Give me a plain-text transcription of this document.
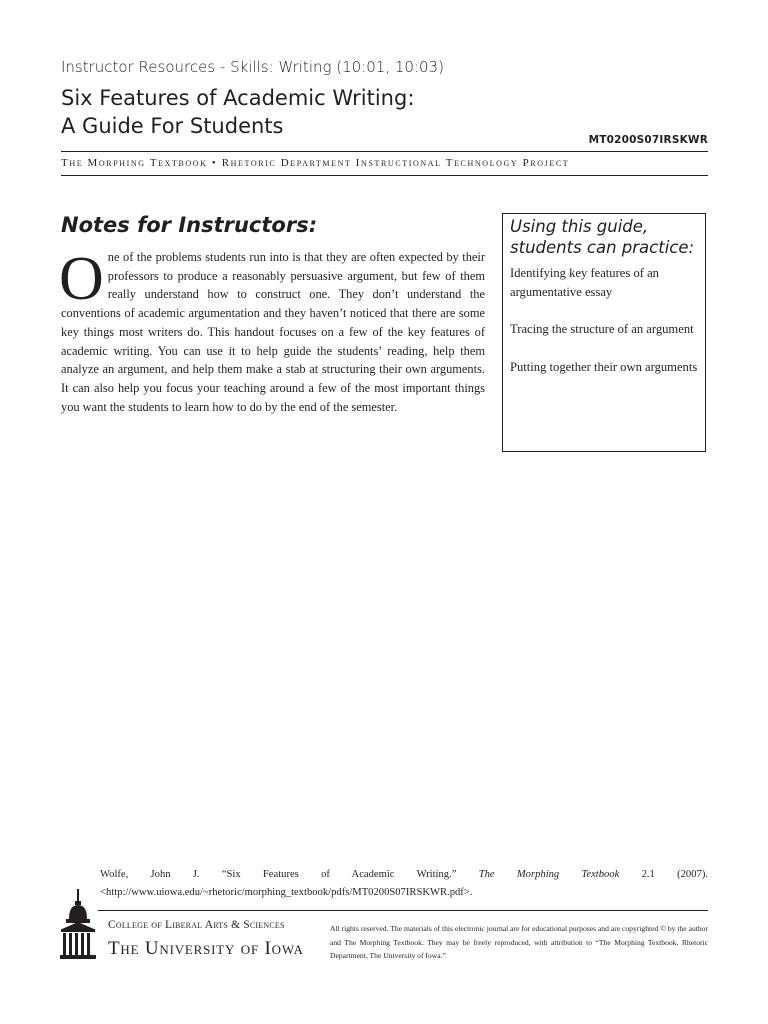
Instructor Resources - Skills: Writing (10:01, 10:03)
Six Features of Academic Writing:
A Guide For Students
MT0200S07IRSKWR
The Morphing Textbook • Rhetoric Department Instructional Technology Project
Notes for Instructors:
O ne of the problems students run into is that they are often expected by their professors to produce a reasonably persuasive argument, but few of them really understand how to construct one. They don’t understand the conventions of academic argumentation and they haven’t noticed that there are some key things most writers do. This handout focuses on a few of the key features of academic writing. You can use it to help guide the students’ reading, help them analyze an argument, and help them make a stab at structuring their own arguments. It can also help you focus your teaching around a few of the most important things you want the students to learn how to do by the end of the semester.
Using this guide, students can practice:
Identifying key features of an argumentative essay
Tracing the structure of an argument
Putting together their own arguments
Wolfe, John J. “Six Features of Academic Writing.” The Morphing Textbook 2.1 (2007). <http://www.uiowa.edu/~rhetoric/morphing_textbook/pdfs/MT0200S07IRSKWR.pdf>.
College of Liberal Arts & Sciences
The University of Iowa
All rights reserved. The materials of this electronic journal are for educational purposes and are copyrighted © by the author and The Morphing Textbook. They may be freely reproduced, with attribution to “The Morphing Textbook, Rhetoric Department, The University of Iowa.”
